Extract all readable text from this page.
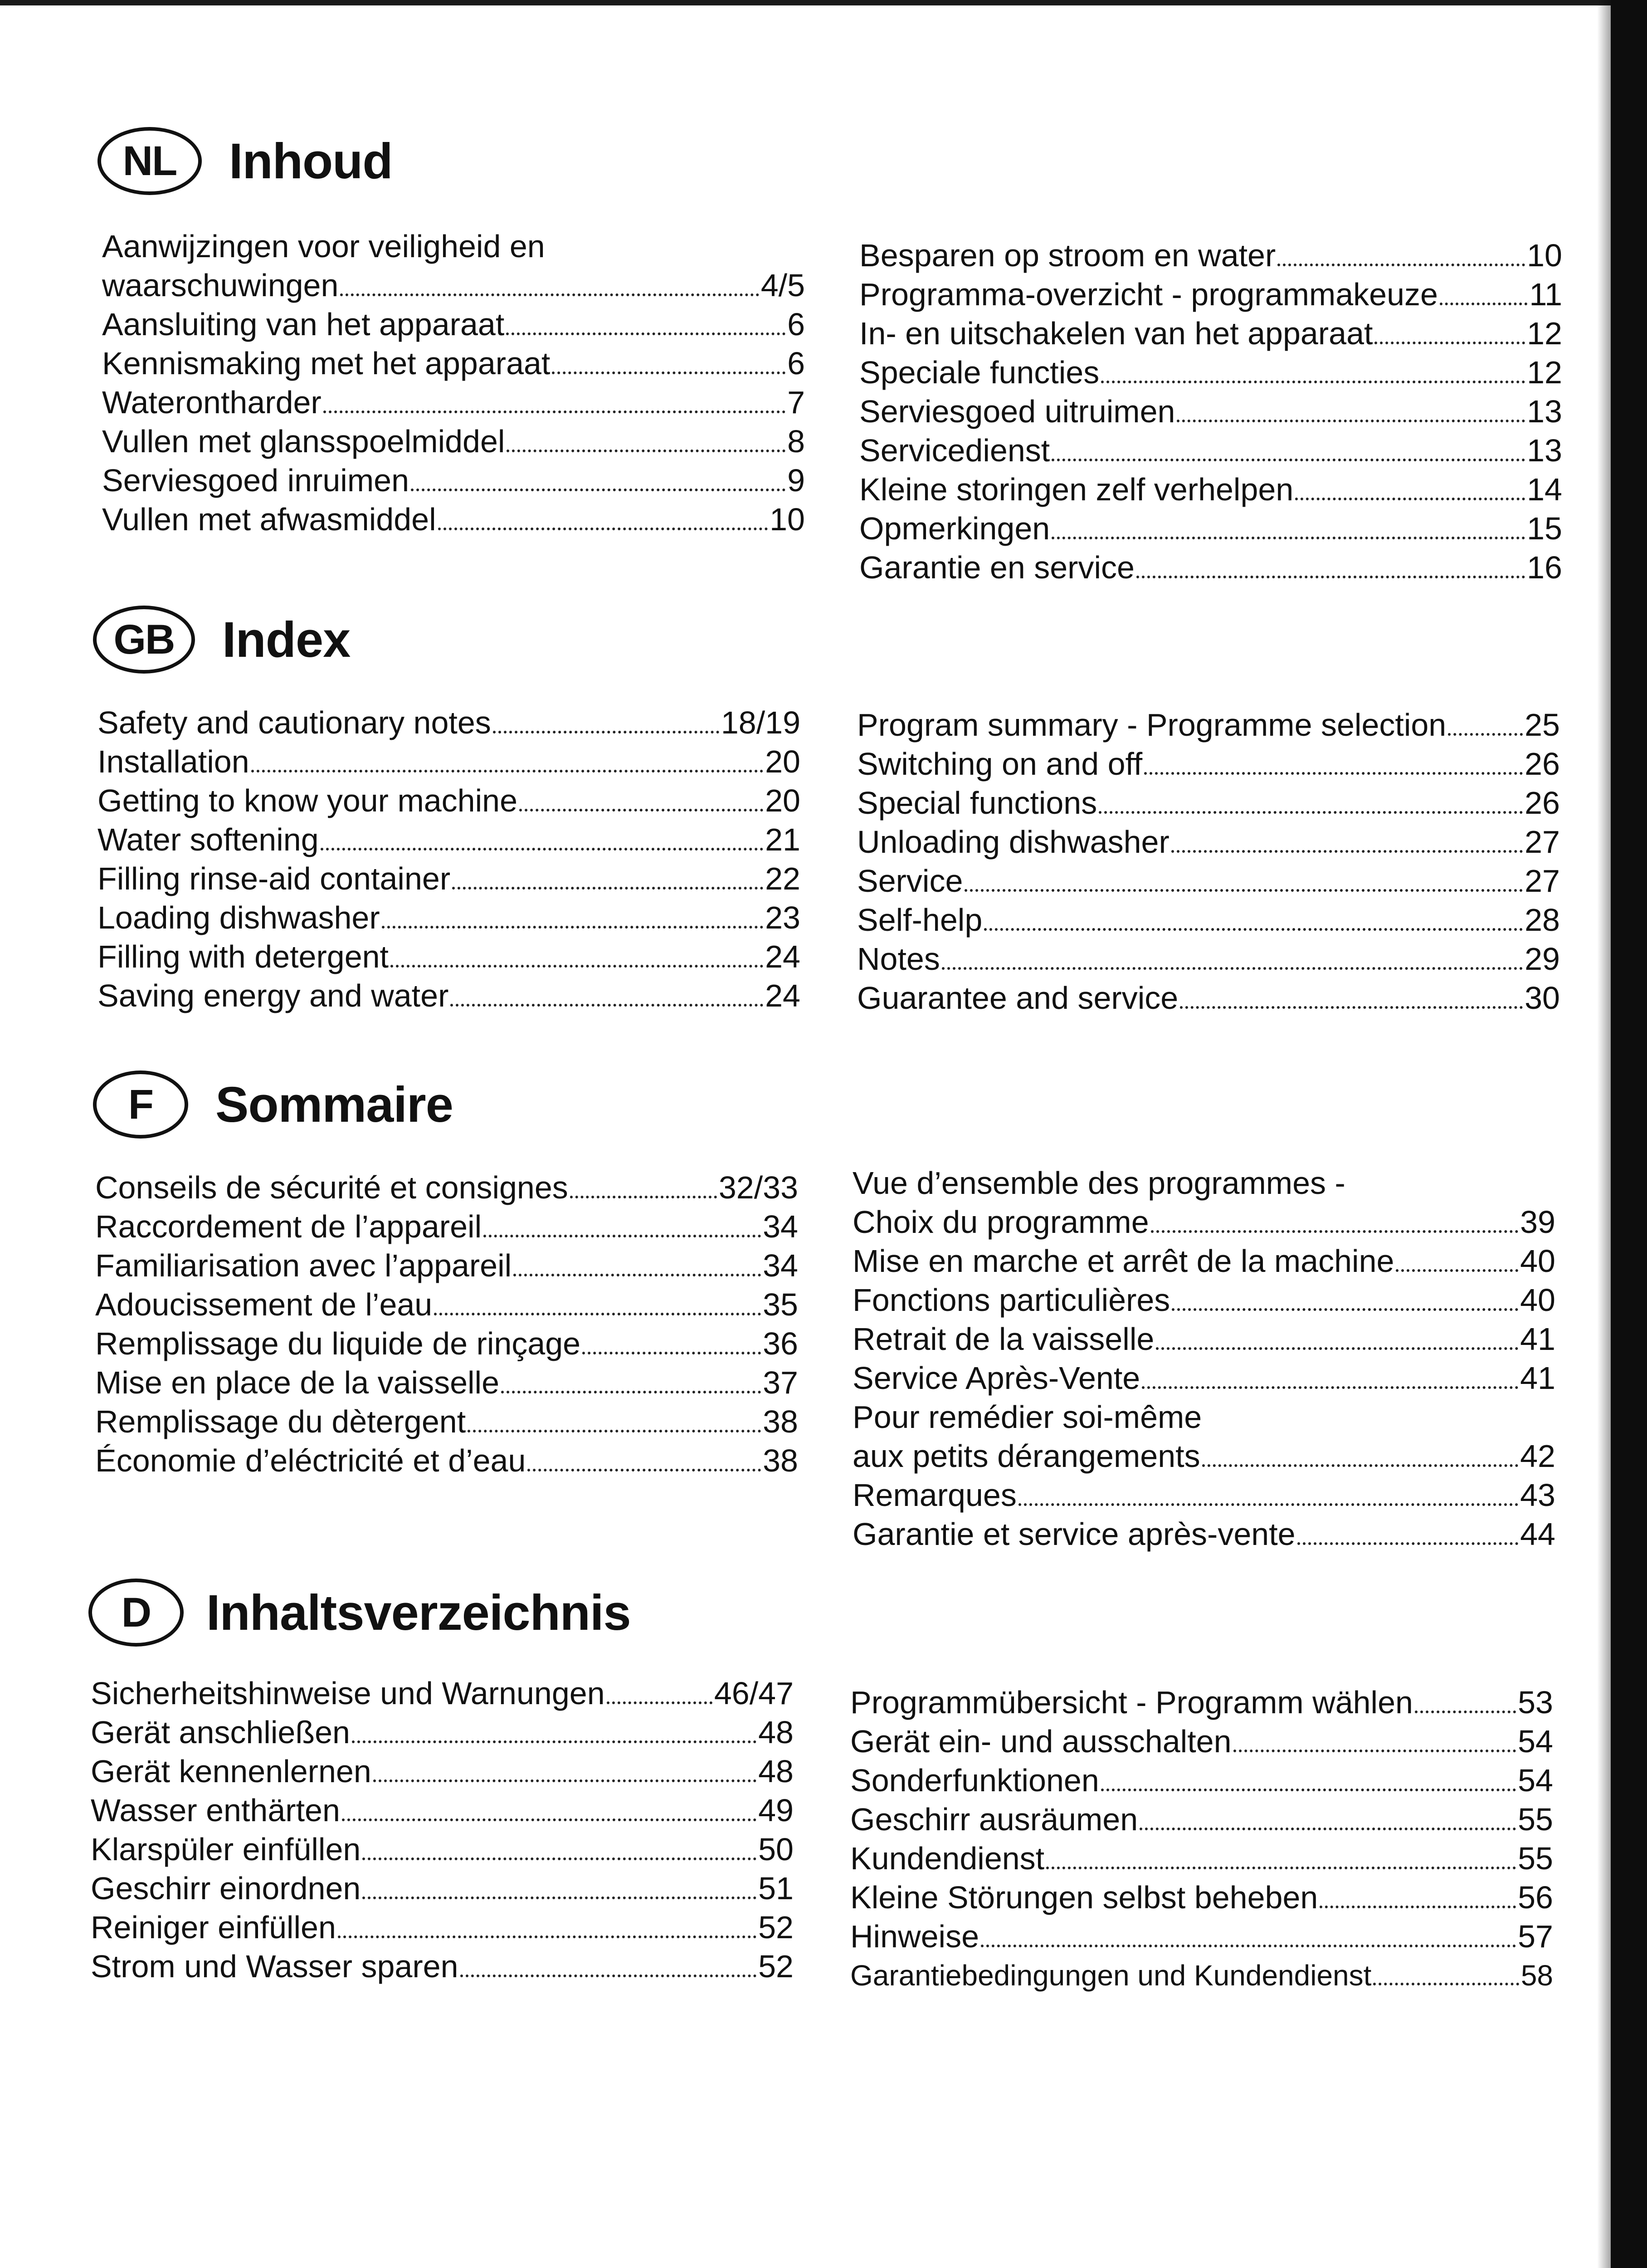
NL	Inhoud
Aanwijzingen voor veiligheid en
waarschuwingen	4/5
Aansluiting van het apparaat	6
Kennismaking met het apparaat	6
Waterontharder	7
Vullen met glansspoelmiddel	8
Serviesgoed inruimen	9
Vullen met afwasmiddel	10
Besparen op stroom en water	10
Programma-overzicht - programmakeuze	11
In- en uitschakelen van het apparaat	12
Speciale functies	12
Serviesgoed uitruimen	13
Servicedienst	13
Kleine storingen zelf verhelpen	14
Opmerkingen	15
Garantie en service	16
GB Index
Safety and cautionary notes	18/19
Installation	20
Getting to know your machine	20
Water softening	21
Filling rinse-aid container	22
Loading dishwasher	23
Filling with detergent	24
Saving energy and water	24
Program summary - Programme selection 25
Switching on and off	26
Special functions	26
Unloading dishwasher	27
Service	27
Self-help	28
Notes	29
Guarantee and service	30
F	Sommaire
Conseils de sécurité et consignes	32/33
Raccordement de l’appareil	34
Familiarisation avec l’appareil	34
Adoucissement de l’eau	35
Remplissage du liquide de rinçage	36
Mise en place de la vaisselle	37
Remplissage du dètergent	38
Économie d’eléctricité et d’eau	38
Vue d’ensemble des programmes -
Choix du programme	39
Mise en marche et arrêt de la machine	40
Fonctions particulières	40
Retrait de la vaisselle	41
Service Après-Vente	41
Pour remédier soi-même
aux petits dérangements	42
Remarques	43
Garantie et service après-vente	44
D	Inhaltsverzeichnis
Sicherheitshinweise und Warnungen	46/47
Gerät anschließen	48
Gerät kennenlernen	48
Wasser enthärten	49
Klarspüler einfüllen	50
Geschirr einordnen	51
Reiniger einfüllen	52
Strom und Wasser sparen	52
Programmübersicht - Programm wählen	53
Gerät ein- und ausschalten	54
Sonderfunktionen	54
Geschirr ausräumen	55
Kundendienst	55
Kleine Störungen selbst beheben	56
Hinweise	57
Garantiebedingungen und Kundendienst	58
